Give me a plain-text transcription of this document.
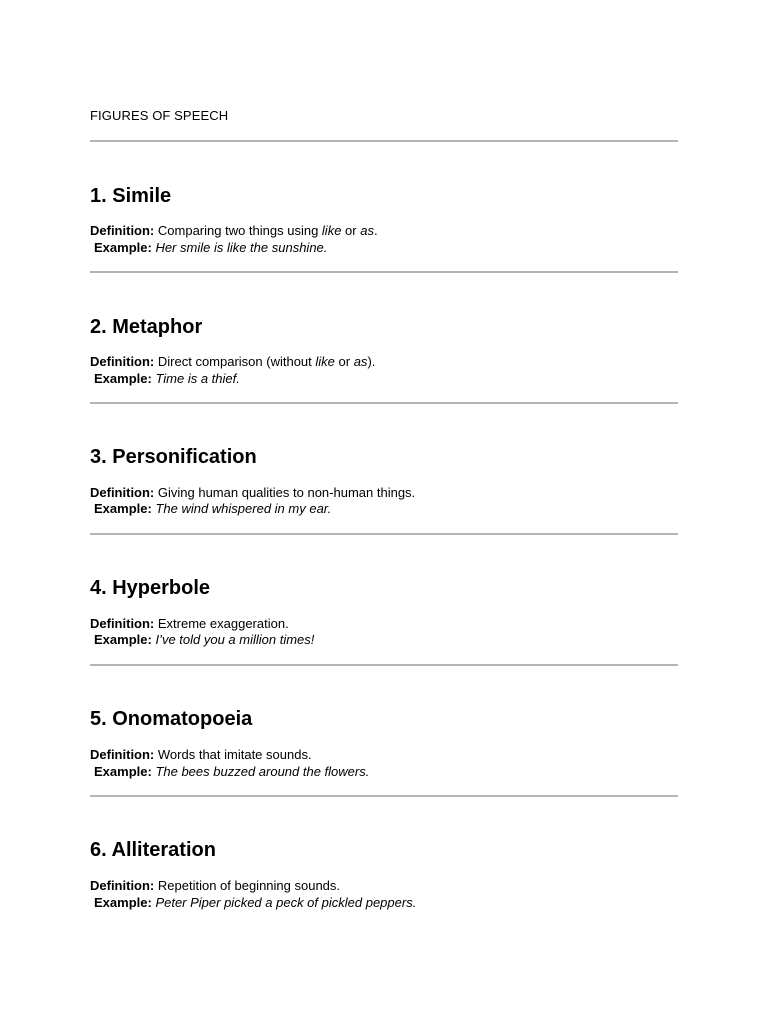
FIGURES OF SPEECH
1. Simile
Definition: Comparing two things using like or as.
Example: Her smile is like the sunshine.
2. Metaphor
Definition: Direct comparison (without like or as).
Example: Time is a thief.
3. Personification
Definition: Giving human qualities to non-human things.
Example: The wind whispered in my ear.
4. Hyperbole
Definition: Extreme exaggeration.
Example: I’ve told you a million times!
5. Onomatopoeia
Definition: Words that imitate sounds.
Example: The bees buzzed around the flowers.
6. Alliteration
Definition: Repetition of beginning sounds.
Example: Peter Piper picked a peck of pickled peppers.
